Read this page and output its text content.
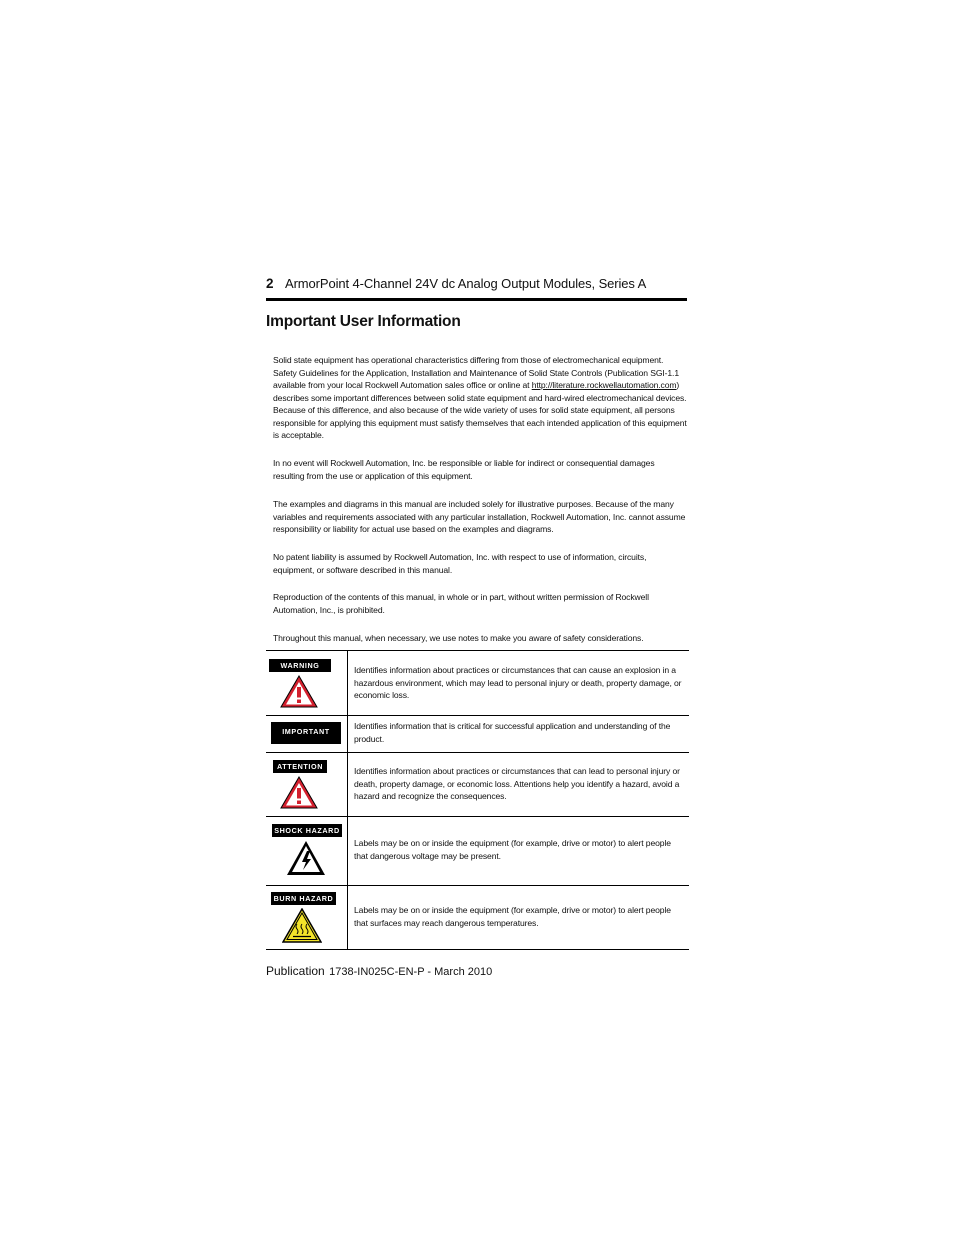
2 ArmorPoint 4-Channel 24V dc Analog Output Modules, Series A
Important User Information
Solid state equipment has operational characteristics differing from those of electromechanical equipment. Safety Guidelines for the Application, Installation and Maintenance of Solid State Controls (Publication SGI-1.1 available from your local Rockwell Automation sales office or online at http://literature.rockwellautomation.com) describes some important differences between solid state equipment and hard-wired electromechanical devices. Because of this difference, and also because of the wide variety of uses for solid state equipment, all persons responsible for applying this equipment must satisfy themselves that each intended application of this equipment is acceptable.
In no event will Rockwell Automation, Inc. be responsible or liable for indirect or consequential damages resulting from the use or application of this equipment.
The examples and diagrams in this manual are included solely for illustrative purposes. Because of the many variables and requirements associated with any particular installation, Rockwell Automation, Inc. cannot assume responsibility or liability for actual use based on the examples and diagrams.
No patent liability is assumed by Rockwell Automation, Inc. with respect to use of information, circuits, equipment, or software described in this manual.
Reproduction of the contents of this manual, in whole or in part, without written permission of Rockwell Automation, Inc., is prohibited.
Throughout this manual, when necessary, we use notes to make you aware of safety considerations.
WARNING	Identifies information about practices or circumstances that can cause an explosion in a hazardous environment, which may lead to personal injury or death, property damage, or economic loss.

IMPORTANT	Identifies information that is critical for successful application and understanding of the product.

ATTENTION	Identifies information about practices or circumstances that can lead to personal injury or death, property damage, or economic loss. Attentions help you identify a hazard, avoid a hazard and recognize the consequences.

SHOCK HAZARD	Labels may be on or inside the equipment (for example, drive or motor) to alert people that dangerous voltage may be present.

BURN HAZARD	Labels may be on or inside the equipment (for example, drive or motor) to alert people that surfaces may reach dangerous temperatures.
Publication 1738-IN025C-EN-P - March 2010
